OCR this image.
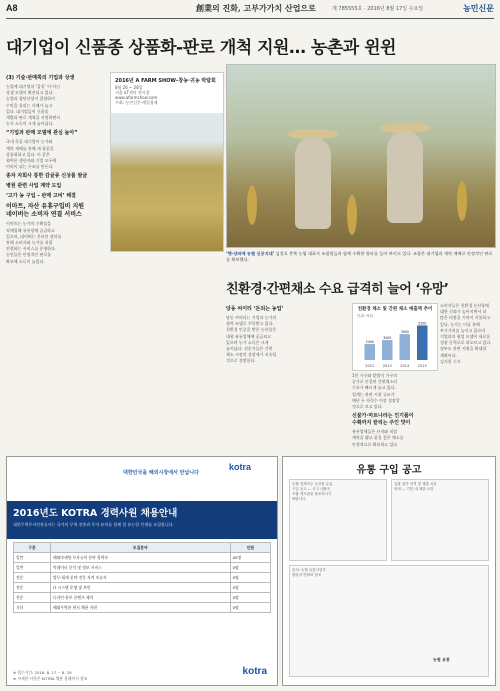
A8	創業의 진화, 고부가가치 산업으로	제 785555호 · 2016년 8월 17일 수요일	농민신문
대기업이 신품종 상품화-판로 개척 지원… 농촌과 윈윈
(3) 기술·판매쪽의 기업과 상생
농업에 대기업의 ‘갑질’ 이 아닌
상생 모델이 확산되고 있다.
농업과 첨단산업이 결합하며
수익을 올리는 사례가 늘고
있다. 대기업들이 신품종
개발과 판로 개척을 지원하면서
농가 소득이 크게 늘어났다.
“기업과 판매 모델에 관심 높아”
국내 곡물 대기업이 농가와
계약 재배를 통해 새 품종을
상품화하고 있다. 이 같은
협력은 생산자와 기업 모두에
이익이 되는 구조를 만든다.
종자 자회사 통한 감귤류 신상품 발굴
병원 관련 사업 계약 도입
‘고가 농 구입 – 판매 고비’ 해결
이마트, 자산 유휴구입비 지원
네이버는 소비자 연결 서비스
이마트는 농가의 수확물을
직매입해 유통망에 공급하고
있으며, 네이버는 온라인 장터를
통해 소비자와 농가를 직접
연결하는 서비스를 운영한다.
농민들은 안정적인 판로를
확보해 소득이 늘었다.
2016년 A FARM SHOW–창농·귀농 박람회
8월 26 ~ 28일
서울 aT센터 전시장
www.afarmshow.com
주최: 농민신문·매일경제
‘햇-양파에 농협 신공지대’ 김창호 충북 농협 대표가 조합원들과 함께 수확한 양파를 들어 보이고 있다. 조합은 대기업과 계약 재배로 안정적인 판로를 확보했다.
친환경·간편채소 수요 급격히 늘어 ‘유망’
당동 씨이티 ‘돈되는 농업’
당동 씨이티는 기업과 농가의
협력 모델로 주목받고 있다.
친환경 인증을 받은 농산물은
대형 유통업체에 공급되고
있으며 농가 소득은 크게
늘어났다. 전문가들은 간편
채소 시장의 성장세가 지속될
것으로 전망한다.
친환경 채소 및 간편 채소 매출액 추이
단위: 억원
2012
2400
2013
3000
2014
3900
2015
5200
1인 가구와 맞벌이 가구의
증가로 손질된 간편채소의
수요가 빠르게 늘고 있다.
업계는 관련 시장 규모가
매년 두 자릿수 이상 성장할
것으로 보고 있다.
신물가·마트나라는 인기품이
수확까지 끝리는 주인 맛이
유통업체들은 산지와 직접
계약을 맺고 품질 좋은 채소를
안정적으로 확보하고 있다.
소비자들은 친환경 농산물에
대한 신뢰가 높아지면서 더
많은 비용을 기꺼이 지불하고
있다. 농가는 이를 통해
부가가치를 높이고 있으며
기업과의 협업 모델이 새로운
성장 동력으로 떠오르고 있다.
정부도 관련 지원을 확대할
계획이다.
김지현 기자
대한민국을 해외시장에서 만납니다
kotra
2016년도 KOTRA 경력사원 채용안내
대한무역투자진흥공사는 국가의 무역 진흥과 투자 유치를 함께 할 유능한 인재를 모집합니다.
구분	모집분야	인원
일반	해외마케팅·투자유치 분야 경력자	00명
일반	빅데이터 분석 및 정보 서비스	0명
전문	법무·회계 분야 전문 자격 보유자	0명
전문	IT 시스템 운영 및 보안	0명
전문	디자인·홍보 콘텐츠 제작	0명
기타	해외무역관 현지 채용 지원	0명
※ 접수기간: 2016. 8. 17 ~ 8. 29
※ 자세한 사항은 KOTRA 채용 홈페이지 참조
kotra
유통 구입 공고
농협 경제지주 농산물 유통
구입 공고 — 공고 내용은
조합 게시판을 참조하시기
바랍니다.
입찰 참가 자격 및 제출 서류
안내 — 기한 내 제출 요망
문의: 농협 유통사업부
담당자 연락처 참조
농협 유통
